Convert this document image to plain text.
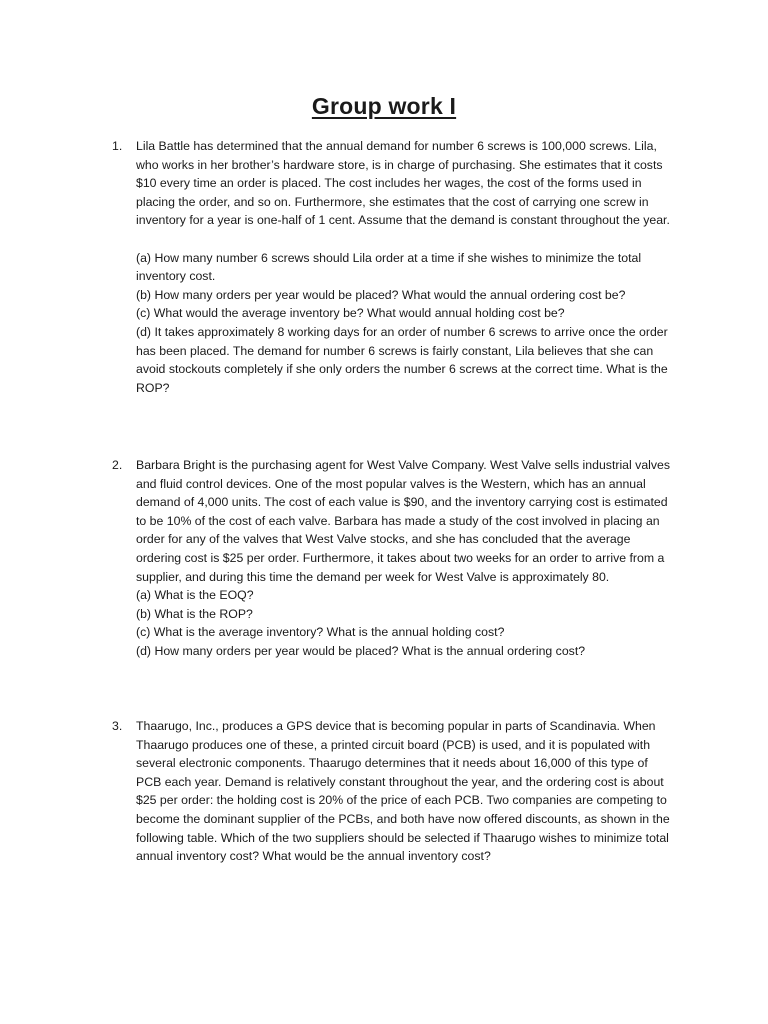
Group work I
1.	Lila Battle has determined that the annual demand for number 6 screws is 100,000 screws. Lila, who works in her brother’s hardware store, is in charge of purchasing. She estimates that it costs $10 every time an order is placed. The cost includes her wages, the cost of the forms used in placing the order, and so on. Furthermore, she estimates that the cost of carrying one screw in inventory for a year is one-half of 1 cent. Assume that the demand is constant throughout the year.

(a) How many number 6 screws should Lila order at a time if she wishes to minimize the total inventory cost.

(b) How many orders per year would be placed? What would the annual ordering cost be?

(c) What would the average inventory be? What would annual holding cost be?

(d) It takes approximately 8 working days for an order of number 6 screws to arrive once the order has been placed. The demand for number 6 screws is fairly constant, Lila believes that she can avoid stockouts completely if she only orders the number 6 screws at the correct time. What is the ROP?

2.	Barbara Bright is the purchasing agent for West Valve Company. West Valve sells industrial valves and fluid control devices. One of the most popular valves is the Western, which has an annual demand of 4,000 units. The cost of each value is $90, and the inventory carrying cost is estimated to be 10% of the cost of each valve. Barbara has made a study of the cost involved in placing an order for any of the valves that West Valve stocks, and she has concluded that the average ordering cost is $25 per order. Furthermore, it takes about two weeks for an order to arrive from a supplier, and during this time the demand per week for West Valve is approximately 80.

(a) What is the EOQ?

(b) What is the ROP?

(c) What is the average inventory? What is the annual holding cost?

(d) How many orders per year would be placed? What is the annual ordering cost?

3.	Thaarugo, Inc., produces a GPS device that is becoming popular in parts of Scandinavia. When Thaarugo produces one of these, a printed circuit board (PCB) is used, and it is populated with several electronic components. Thaarugo determines that it needs about 16,000 of this type of PCB each year. Demand is relatively constant throughout the year, and the ordering cost is about $25 per order: the holding cost is 20% of the price of each PCB. Two companies are competing to become the dominant supplier of the PCBs, and both have now offered discounts, as shown in the following table. Which of the two suppliers should be selected if Thaarugo wishes to minimize total annual inventory cost? What would be the annual inventory cost?
